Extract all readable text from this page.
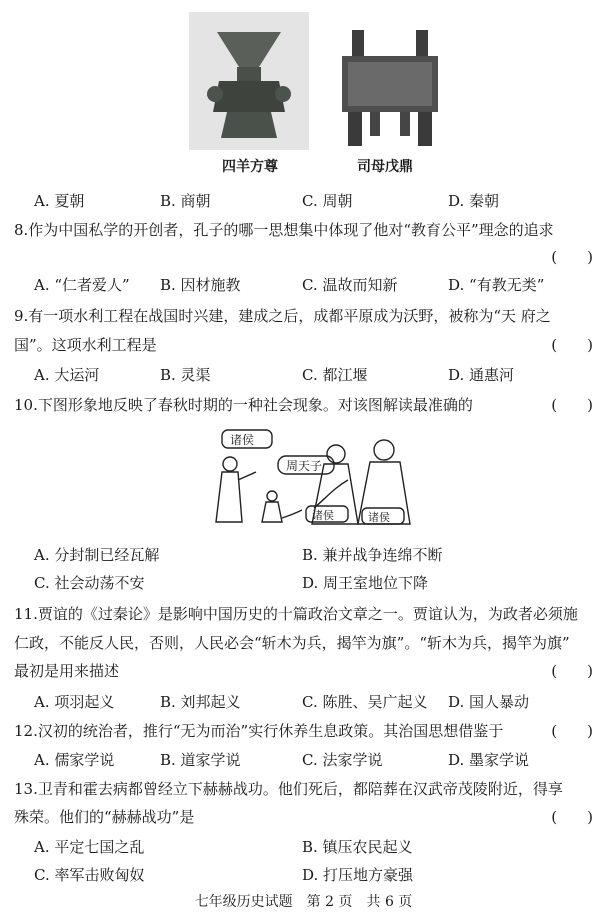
四羊方尊	司母戊鼎
A. 夏朝	B. 商朝	C. 周朝	D. 秦朝
8.作为中国私学的开创者，孔子的哪一思想集中体现了他对“教育公平”理念的追求
(　　)
A. “仁者爱人” B. 因材施教	C. 温故而知新	D. “有教无类”
9.有一项水利工程在战国时兴建，建成之后，成都平原成为沃野，被称为“天 府之
国”。这项水利工程是	(　　)
A. 大运河	B. 灵渠	C. 都江堰	D. 通惠河
10.下图形象地反映了春秋时期的一种社会现象。对该图解读最准确的	(　　)
诸侯
周天子
诸侯	诸侯
A. 分封制已经瓦解	B. 兼并战争连绵不断
C. 社会动荡不安	D. 周王室地位下降
11.贾谊的《过秦论》是影响中国历史的十篇政治文章之一。贾谊认为，为政者必须施
仁政，不能反人民，否则，人民必会“斩木为兵，揭竿为旗”。“斩木为兵，揭竿为旗”
最初是用来描述	(　　)
A. 项羽起义	B. 刘邦起义	C. 陈胜、吴广起义 D. 国人暴动
12.汉初的统治者，推行“无为而治”实行休养生息政策。其治国思想借鉴于	(　　)
A. 儒家学说	B. 道家学说	C. 法家学说	D. 墨家学说
13.卫青和霍去病都曾经立下赫赫战功。他们死后，都陪葬在汉武帝茂陵附近，得享
殊荣。他们的“赫赫战功”是	(　　)
A. 平定七国之乱	B. 镇压农民起义
C. 率军击败匈奴	D. 打压地方豪强
七年级历史试题　第 2 页　共 6 页
